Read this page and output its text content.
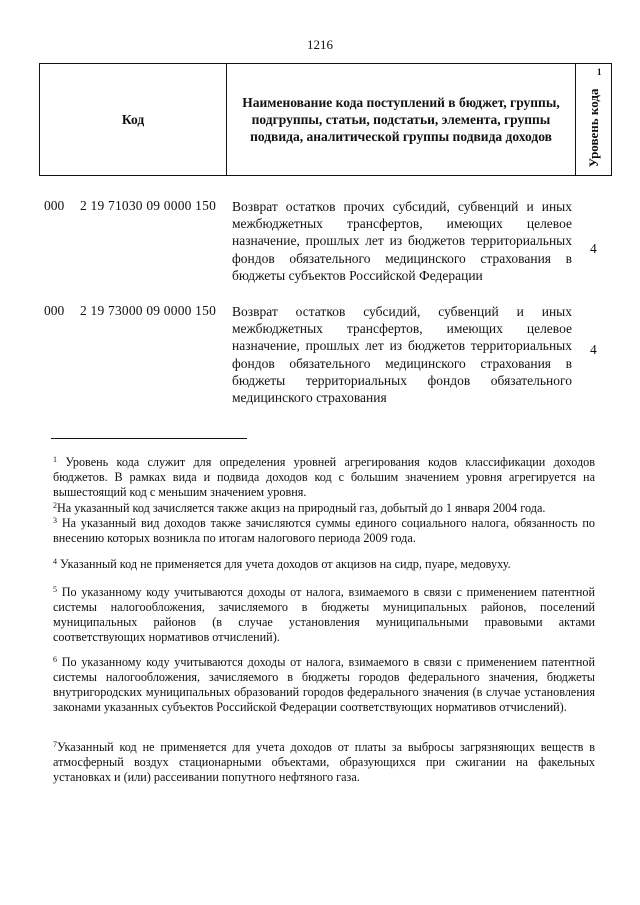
1216
Код
Наименование кода поступлений в бюджет, группы, подгруппы, статьи, подстатьи, элемента, группы подвида, аналитической группы подвида доходов	Уровень кода
1
000 2 19 71030 09 0000 150 Возврат остатков прочих субсидий, субвенций и иных межбюджетных трансфертов, имеющих целевое назначение, прошлых лет из бюджетов территориальных фондов обязательного медицинского страхования в бюджеты субъектов Российской Федерации
4
000 2 19 73000 09 0000 150 Возврат остатков субсидий, субвенций и иных межбюджетных трансфертов, имеющих целевое назначение, прошлых лет из бюджетов территориальных фондов обязательного медицинского страхования в бюджеты территориальных фондов обязательного медицинского страхования
4
$^1$ Уровень кода служит для определения уровней агрегирования кодов классификации доходов бюджетов. В рамках вида и подвида доходов код с большим значением уровня агрегируется на вышестоящий код с меньшим значением уровня.
$^2$На указанный код зачисляется также акциз на природный газ, добытый до 1 января 2004 года.
$^3$ На указанный вид доходов также зачисляются суммы единого социального налога, обязанность по внесению которых возникла по итогам налогового периода 2009 года.
$^4$ Указанный код не применяется для учета доходов от акцизов на сидр, пуаре, медовуху.
$^5$ По указанному коду учитываются доходы от налога, взимаемого в связи с применением патентной системы налогообложения, зачисляемого в бюджеты муниципальных районов, поселений муниципальных районов (в случае установления муниципальными правовыми актами соответствующих нормативов отчислений).
$^6$ По указанному коду учитываются доходы от налога, взимаемого в связи с применением патентной системы налогообложения, зачисляемого в бюджеты городов федерального значения, бюджеты внутригородских муниципальных образований городов федерального значения (в случае установления законами указанных субъектов Российской Федерации соответствующих нормативов отчислений).
$^7$Указанный код не применяется для учета доходов от платы за выбросы загрязняющих веществ в атмосферный воздух стационарными объектами, образующихся при сжигании на факельных установках и (или) рассеивании попутного нефтяного газа.
